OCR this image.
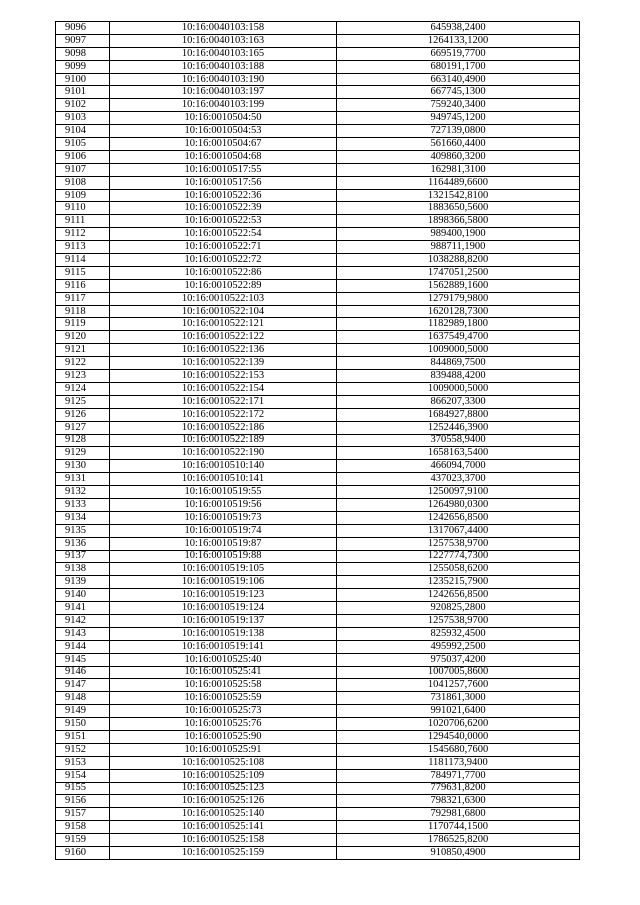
9096	10:16:0040103:158	645938,2400
9097	10:16:0040103:163	1264133,1200
9098	10:16:0040103:165	669519,7700
9099	10:16:0040103:188	680191,1700
9100	10:16:0040103:190	663140,4900
9101	10:16:0040103:197	667745,1300
9102	10:16:0040103:199	759240,3400
9103	10:16:0010504:50	949745,1200
9104	10:16:0010504:53	727139,0800
9105	10:16:0010504:67	561660,4400
9106	10:16:0010504:68	409860,3200
9107	10:16:0010517:55	162981,3100
9108	10:16:0010517:56	1164489,6600
9109	10:16:0010522:36	1321542,8100
9110	10:16:0010522:39	1883650,5600
9111	10:16:0010522:53	1898366,5800
9112	10:16:0010522:54	989400,1900
9113	10:16:0010522:71	988711,1900
9114	10:16:0010522:72	1038288,8200
9115	10:16:0010522:86	1747051,2500
9116	10:16:0010522:89	1562889,1600
9117	10:16:0010522:103	1279179,9800
9118	10:16:0010522:104	1620128,7300
9119	10:16:0010522:121	1182989,1800
9120	10:16:0010522:122	1637549,4700
9121	10:16:0010522:136	1009000,5000
9122	10:16:0010522:139	844869,7500
9123	10:16:0010522:153	839488,4200
9124	10:16:0010522:154	1009000,5000
9125	10:16:0010522:171	866207,3300
9126	10:16:0010522:172	1684927,8800
9127	10:16:0010522:186	1252446,3900
9128	10:16:0010522:189	370558,9400
9129	10:16:0010522:190	1658163,5400
9130	10:16:0010510:140	466094,7000
9131	10:16:0010510:141	437023,3700
9132	10:16:0010519:55	1250097,9100
9133	10:16:0010519:56	1264980,0300
9134	10:16:0010519:73	1242656,8500
9135	10:16:0010519:74	1317067,4400
9136	10:16:0010519:87	1257538,9700
9137	10:16:0010519:88	1227774,7300
9138	10:16:0010519:105	1255058,6200
9139	10:16:0010519:106	1235215,7900
9140	10:16:0010519:123	1242656,8500
9141	10:16:0010519:124	920825,2800
9142	10:16:0010519:137	1257538,9700
9143	10:16:0010519:138	825932,4500
9144	10:16:0010519:141	495992,2500
9145	10:16:0010525:40	975037,4200
9146	10:16:0010525:41	1007005,8600
9147	10:16:0010525:58	1041257,7600
9148	10:16:0010525:59	731861,3000
9149	10:16:0010525:73	991021,6400
9150	10:16:0010525:76	1020706,6200
9151	10:16:0010525:90	1294540,0000
9152	10:16:0010525:91	1545680,7600
9153	10:16:0010525:108	1181173,9400
9154	10:16:0010525:109	784971,7700
9155	10:16:0010525:123	779631,8200
9156	10:16:0010525:126	798321,6300
9157	10:16:0010525:140	792981,6800
9158	10:16:0010525:141	1170744,1500
9159	10:16:0010525:158	1786525,8200
9160	10:16:0010525:159	910850,4900
